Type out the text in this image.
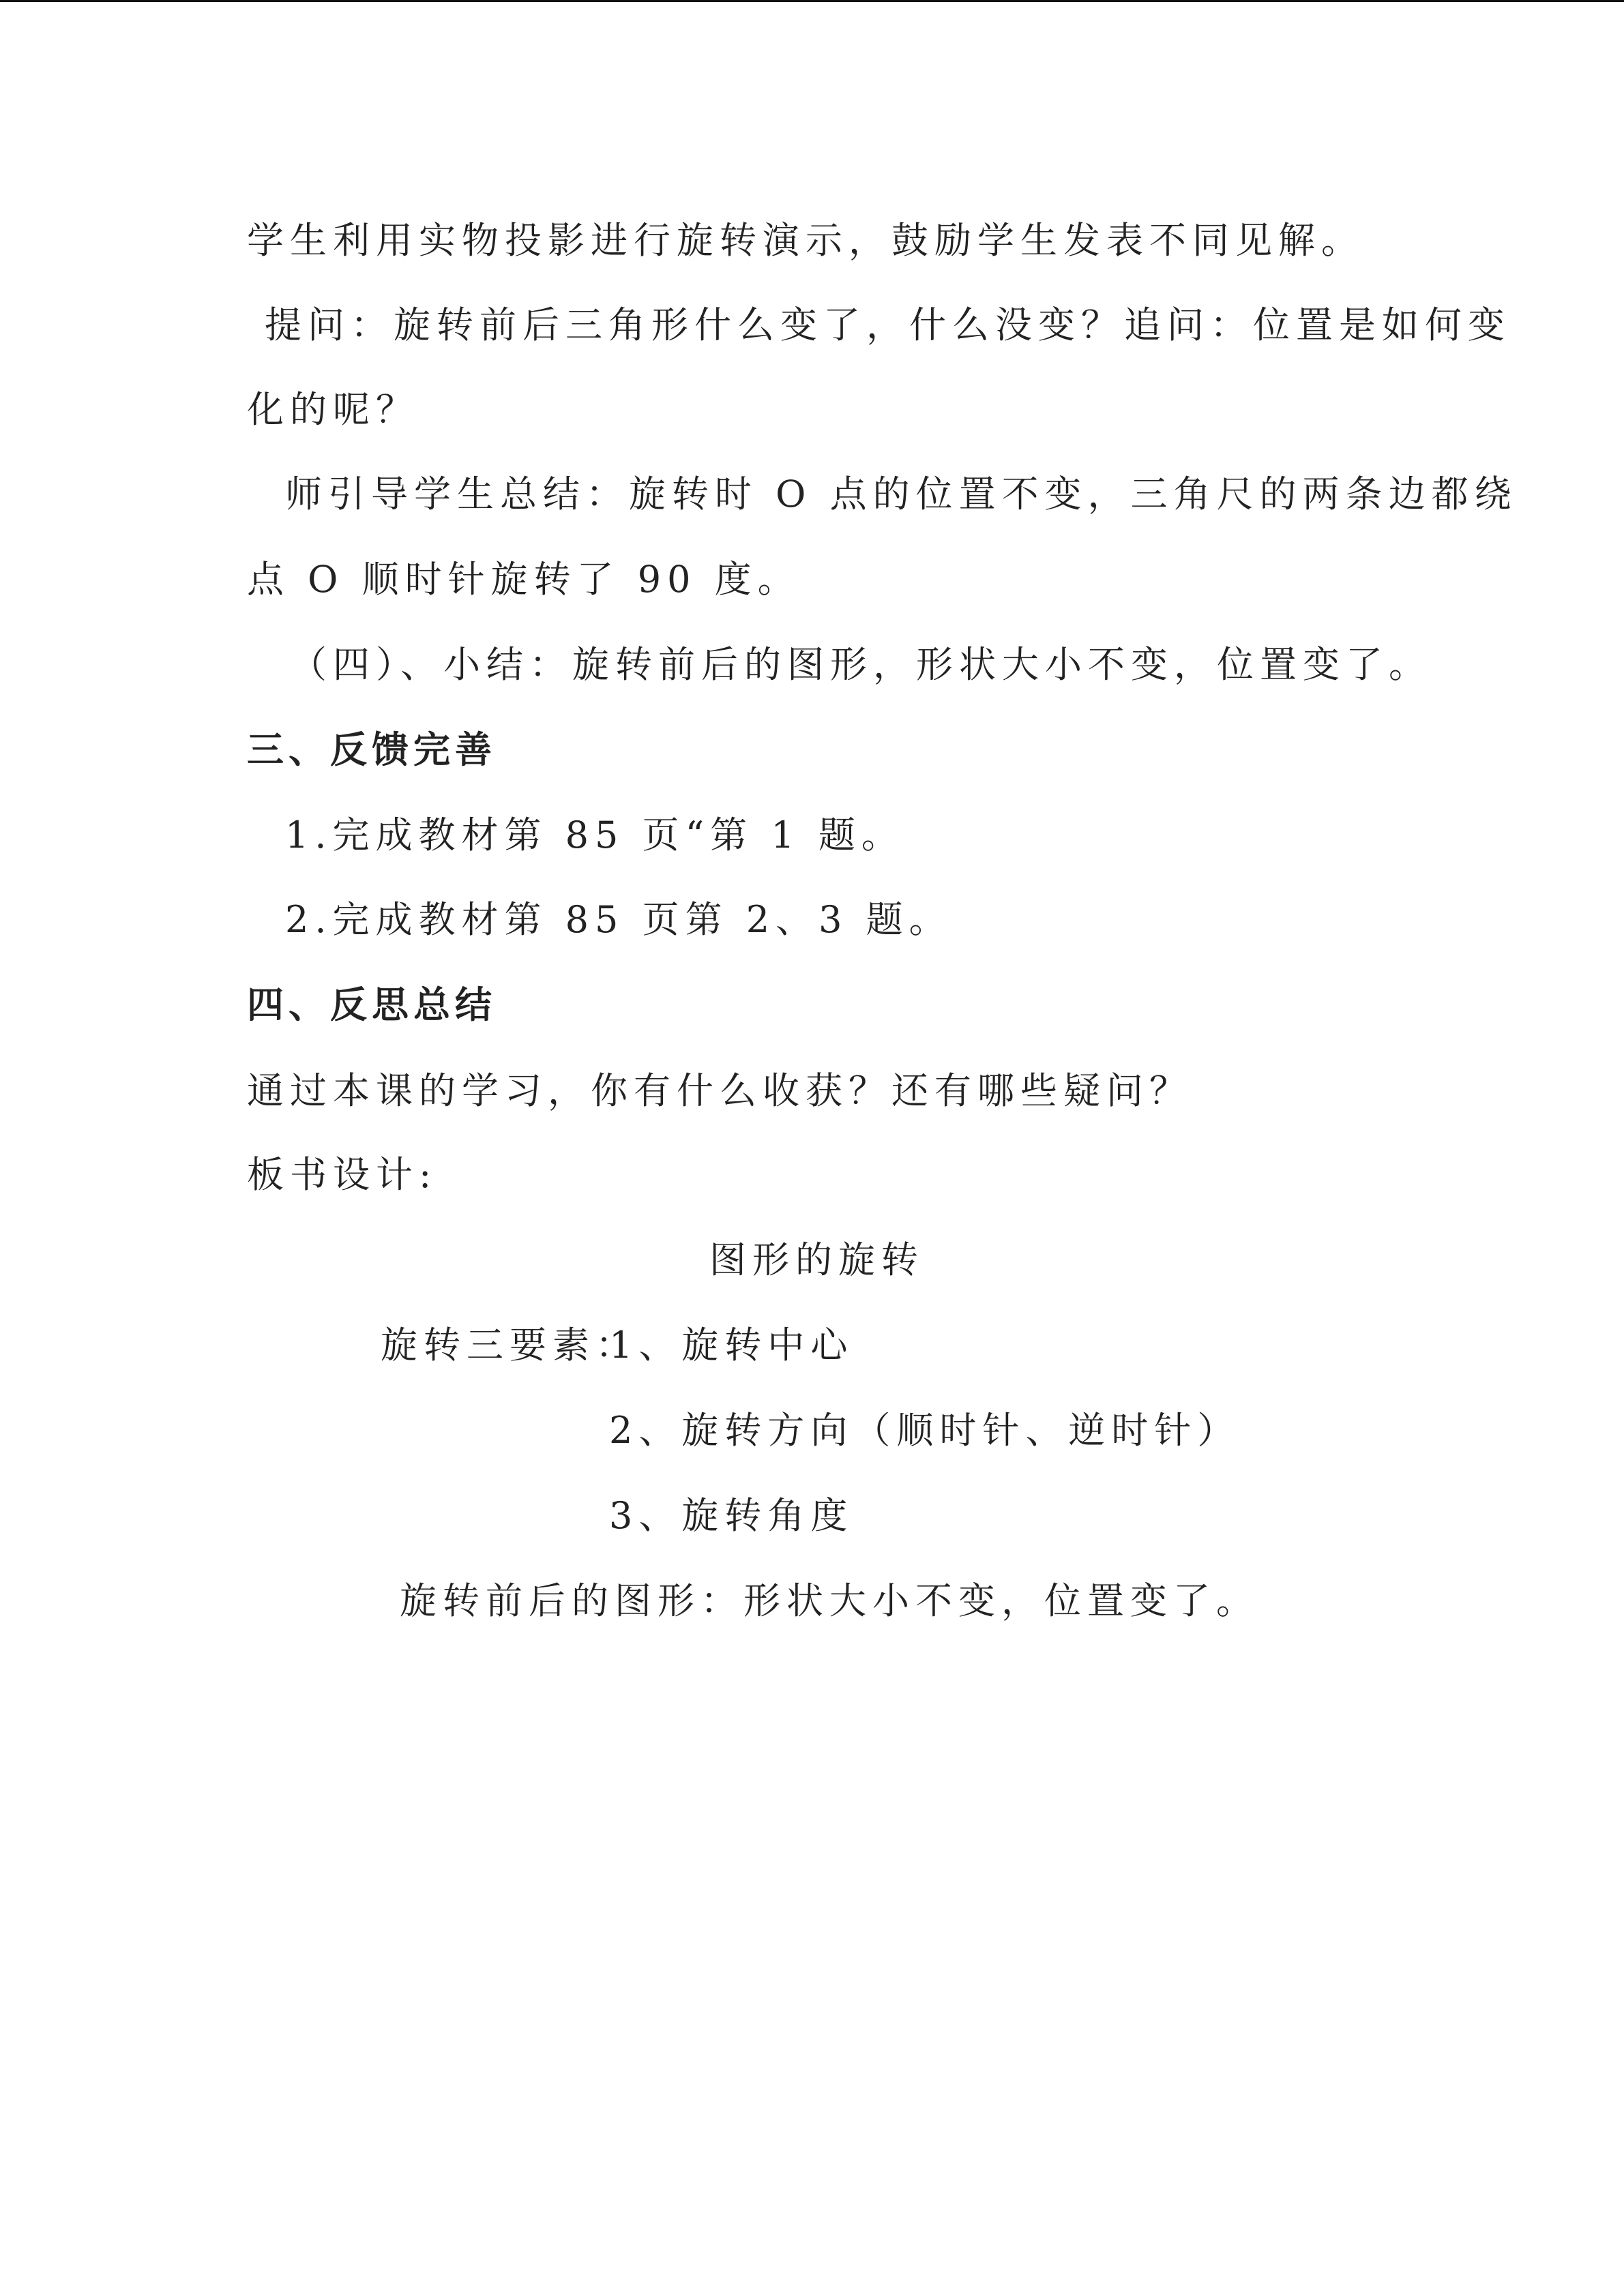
学生利用实物投影进行旋转演示，鼓励学生发表不同见解。
提问：旋转前后三角形什么变了，什么没变？追问：位置是如何变
化的呢？
师引导学生总结：旋转时 O 点的位置不变，三角尺的两条边都绕
点 O 顺时针旋转了 90 度。
（四）、小结：旋转前后的图形，形状大小不变，位置变了。
三、反馈完善
1.完成教材第 85 页“第 1 题。
2.完成教材第 85 页第 2、3 题。
四、反思总结
通过本课的学习，你有什么收获？还有哪些疑问？
板书设计:
图形的旋转
旋转三要素：
1、旋转中心
2、旋转方向（顺时针、逆时针）
3、旋转角度
旋转前后的图形：形状大小不变，位置变了。
